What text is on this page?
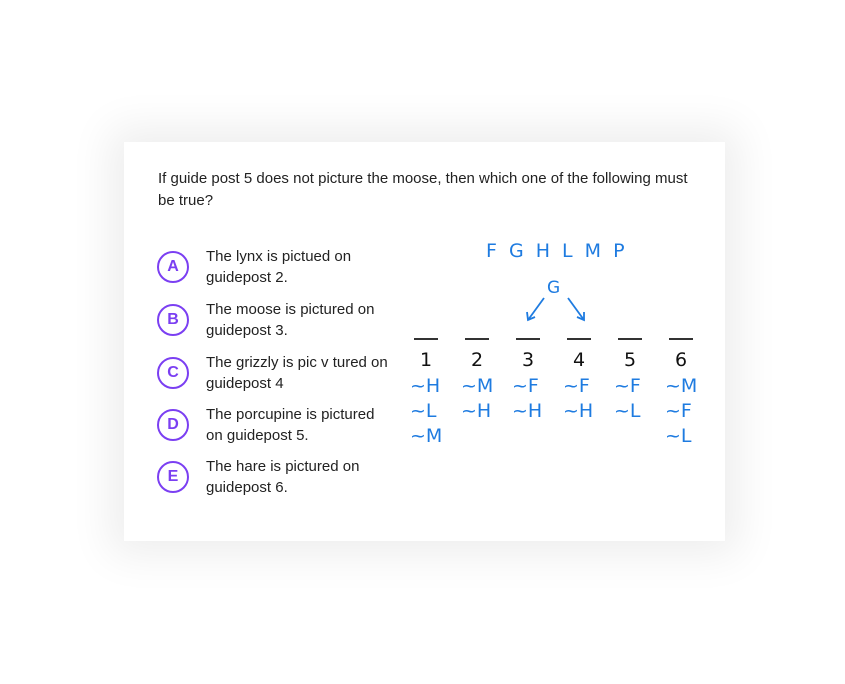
If guide post 5 does not picture the moose, then which one of the following must be true?
A
The lynx is pictued on guidepost 2.
B
The moose is pictured on guidepost 3.
C
The grizzly is pic v tured on guidepost 4
D
The porcupine is pictured on guidepost 5.
E
The hare is pictured on guidepost 6.
F G H L M P
G
1
~H
~L
~M
2
~M
~H
3
~F
~H
4
~F
~H
5
~F
~L
6
~M
~F
~L
